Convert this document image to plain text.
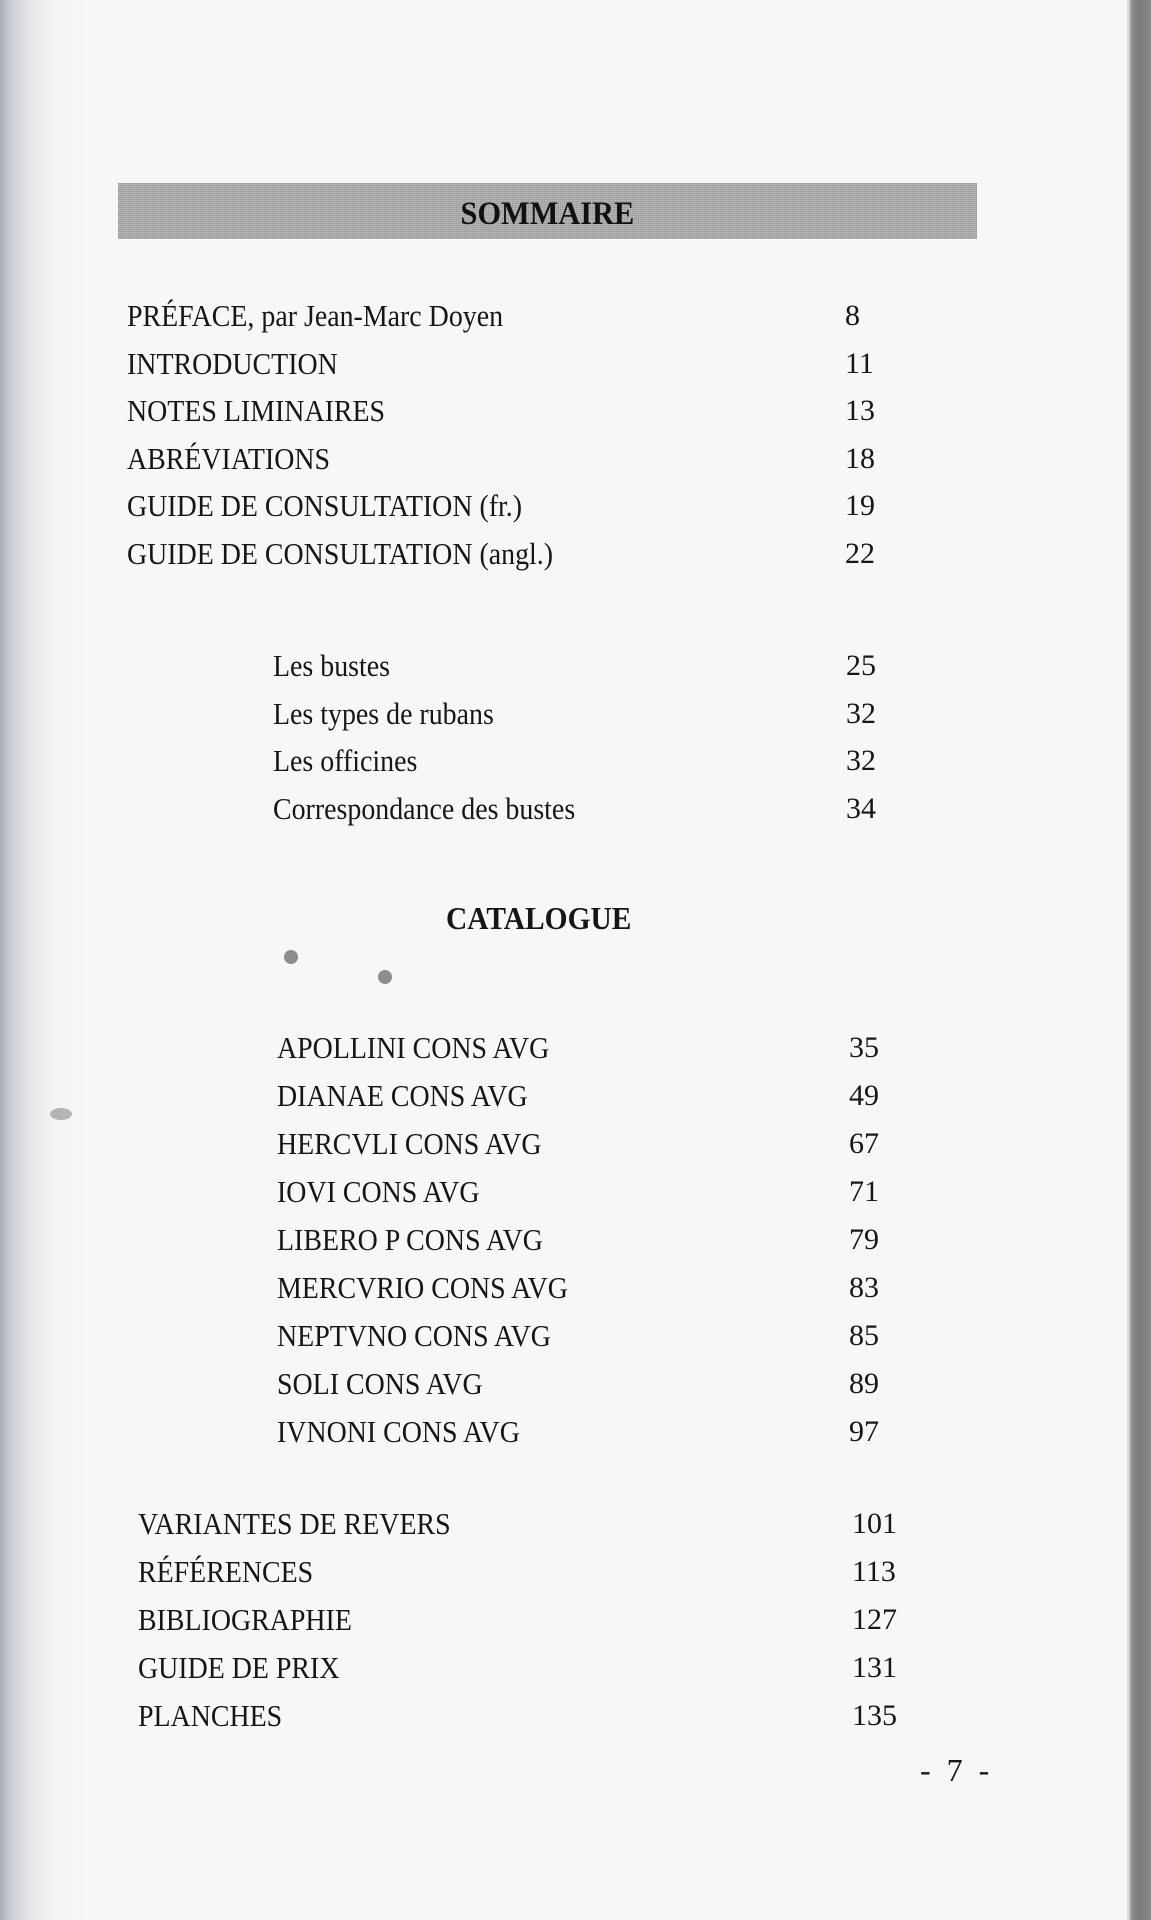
SOMMAIRE
PRÉFACE, par Jean-Marc Doyen	8
INTRODUCTION	11
NOTES LIMINAIRES	13
ABRÉVIATIONS	18
GUIDE DE CONSULTATION (fr.)	19
GUIDE DE CONSULTATION (angl.)	22
Les bustes	25
Les types de rubans	32
Les officines	32
Correspondance des bustes	34
CATALOGUE
APOLLINI CONS AVG	35
DIANAE CONS AVG	49
HERCVLI CONS AVG	67
IOVI CONS AVG	71
LIBERO P CONS AVG	79
MERCVRIO CONS AVG	83
NEPTVNO CONS AVG	85
SOLI CONS AVG	89
IVNONI CONS AVG	97
VARIANTES DE REVERS	101
RÉFÉRENCES	113
BIBLIOGRAPHIE	127
GUIDE DE PRIX	131
PLANCHES	135
- 7 -
